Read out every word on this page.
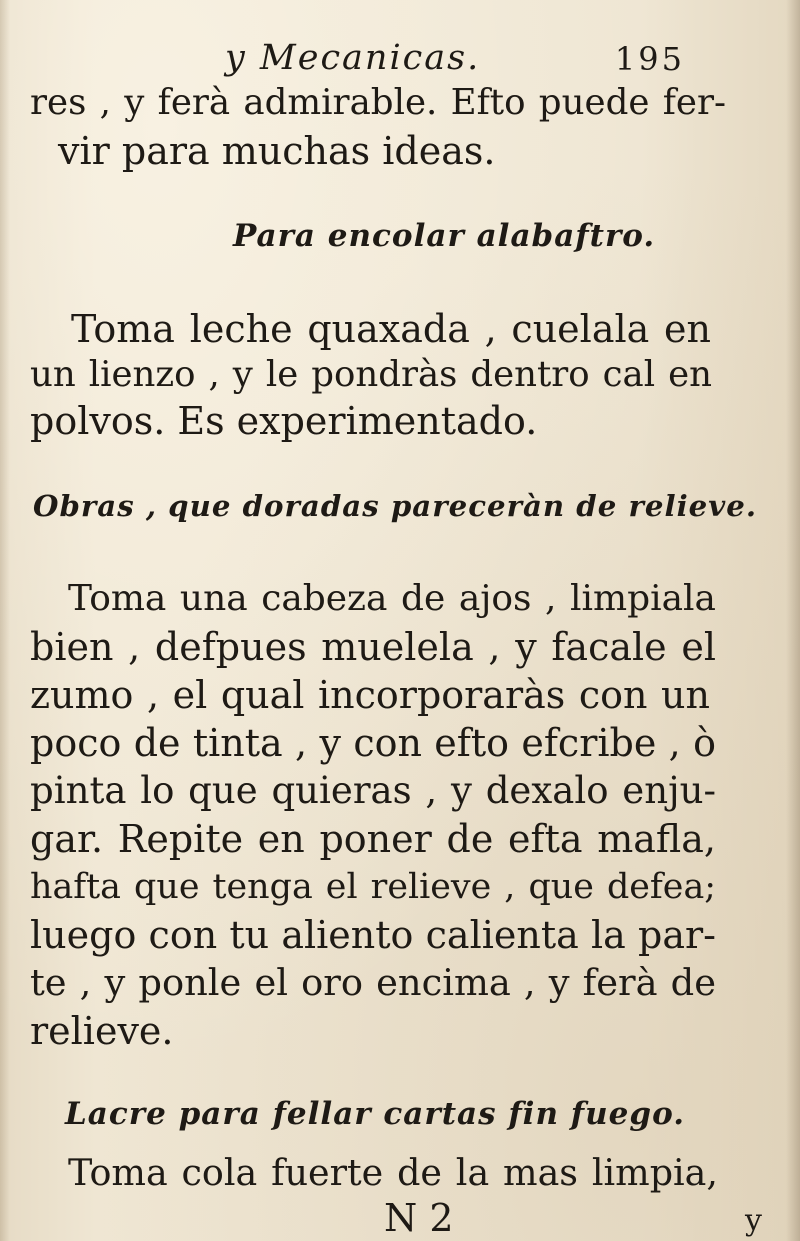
y Mecanicas.	195
res , y ferà admirable. Efto puede fer-
vir para muchas ideas.
Para encolar alabaftro.
Toma leche quaxada , cuelala en
un lienzo , y le pondràs dentro cal en
polvos. Es experimentado.
Obras , que doradas pareceràn de relieve.
Toma una cabeza de ajos , limpiala
bien , defpues muelela , y facale el
zumo , el qual incorporaràs con un
poco de tinta , y con efto efcribe , ò
pinta lo que quieras , y dexalo enju-
gar. Repite en poner de efta mafla,
hafta que tenga el relieve , que defea;
luego con tu aliento calienta la par-
te , y ponle el oro encima , y ferà de
relieve.
Lacre para fellar cartas fin fuego.
Toma cola fuerte de la mas limpia,
N 2	y
